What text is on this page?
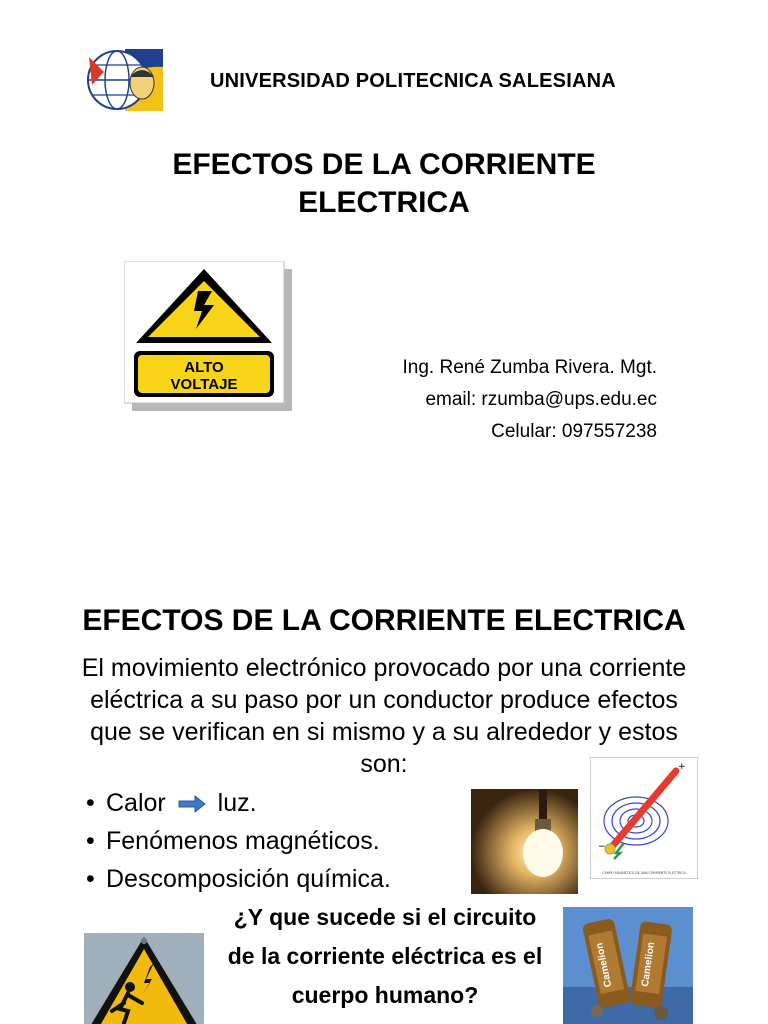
UNIVERSIDAD POLITECNICA SALESIANA
EFECTOS DE LA CORRIENTE
ELECTRICA
ALTO
VOLTAJE
Ing. René Zumba Rivera. Mgt.
email: rzumba@ups.edu.ec
Celular: 097557238
EFECTOS DE LA CORRIENTE ELECTRICA
El movimiento electrónico provocado por una corriente eléctrica a su paso por un conductor produce efectos que se verifican en si mismo y a su alrededor y estos son:
• Calor luz.
• Fenómenos magnéticos.
• Descomposición química.
+
−
CAMPO MAGNETICO DE UNA CORRIENTE ELECTRICA
¿Y que sucede si el circuito
de la corriente eléctrica es el
cuerpo humano?
Camelion	Camelion
